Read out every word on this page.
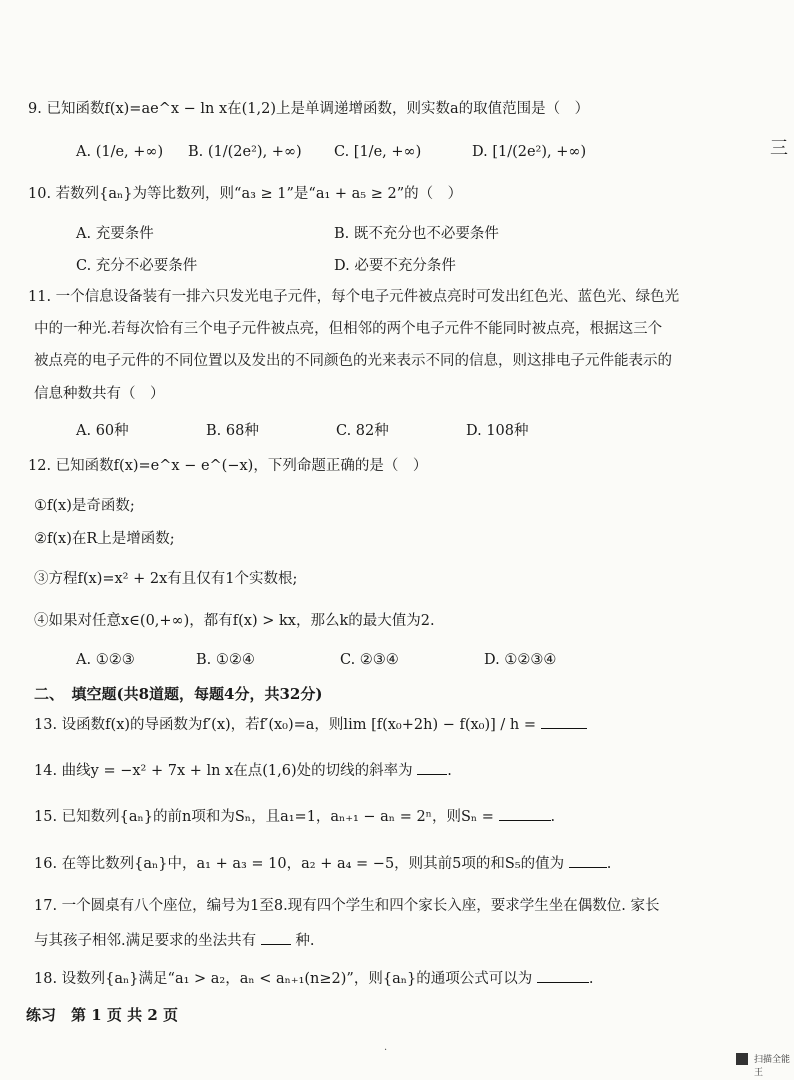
三
9. 已知函数f(x)=ae^x − ln x在(1,2)上是单调递增函数，则实数a的取值范围是（　）
A. (1/e, +∞) B. (1/(2e²), +∞) C. [1/e, +∞)	D. [1/(2e²), +∞)
10. 若数列{aₙ}为等比数列，则“a₃ ≥ 1”是“a₁ + a₅ ≥ 2”的（　）
A. 充要条件	B. 既不充分也不必要条件
C. 充分不必要条件	D. 必要不充分条件
11. 一个信息设备装有一排六只发光电子元件，每个电子元件被点亮时可发出红色光、蓝色光、绿色光
中的一种光.若每次恰有三个电子元件被点亮，但相邻的两个电子元件不能同时被点亮，根据这三个
被点亮的电子元件的不同位置以及发出的不同颜色的光来表示不同的信息，则这排电子元件能表示的
信息种数共有（　）
A. 60种	B. 68种	C. 82种	D. 108种
12. 已知函数f(x)=e^x − e^(−x)，下列命题正确的是（　）
①f(x)是奇函数;
②f(x)在R上是增函数;
③方程f(x)=x² + 2x有且仅有1个实数根;
④如果对任意x∈(0,+∞)，都有f(x) > kx，那么k的最大值为2.
A. ①②③	B. ①②④	C. ②③④	D. ①②③④
二、　填空题(共8道题，每题4分，共32分)
13. 设函数f(x)的导函数为f′(x)，若f′(x₀)=a，则lim [f(x₀+2h) − f(x₀)] / h =
14. 曲线y = −x² + 7x + ln x在点(1,6)处的切线的斜率为 .
15. 已知数列{aₙ}的前n项和为Sₙ，且a₁=1，aₙ₊₁ − aₙ = 2ⁿ，则Sₙ =	.
16. 在等比数列{aₙ}中，a₁ + a₃ = 10，a₂ + a₄ = −5，则其前5项的和S₅的值为	.
17. 一个圆桌有八个座位，编号为1至8.现有四个学生和四个家长入座，要求学生坐在偶数位. 家长
与其孩子相邻.满足要求的坐法共有	种.
18. 设数列{aₙ}满足“a₁ > a₂，aₙ < aₙ₊₁(n≥2)”，则{aₙ}的通项公式可以为	.
练习　第 1 页 共 2 页
·
扫描全能王
